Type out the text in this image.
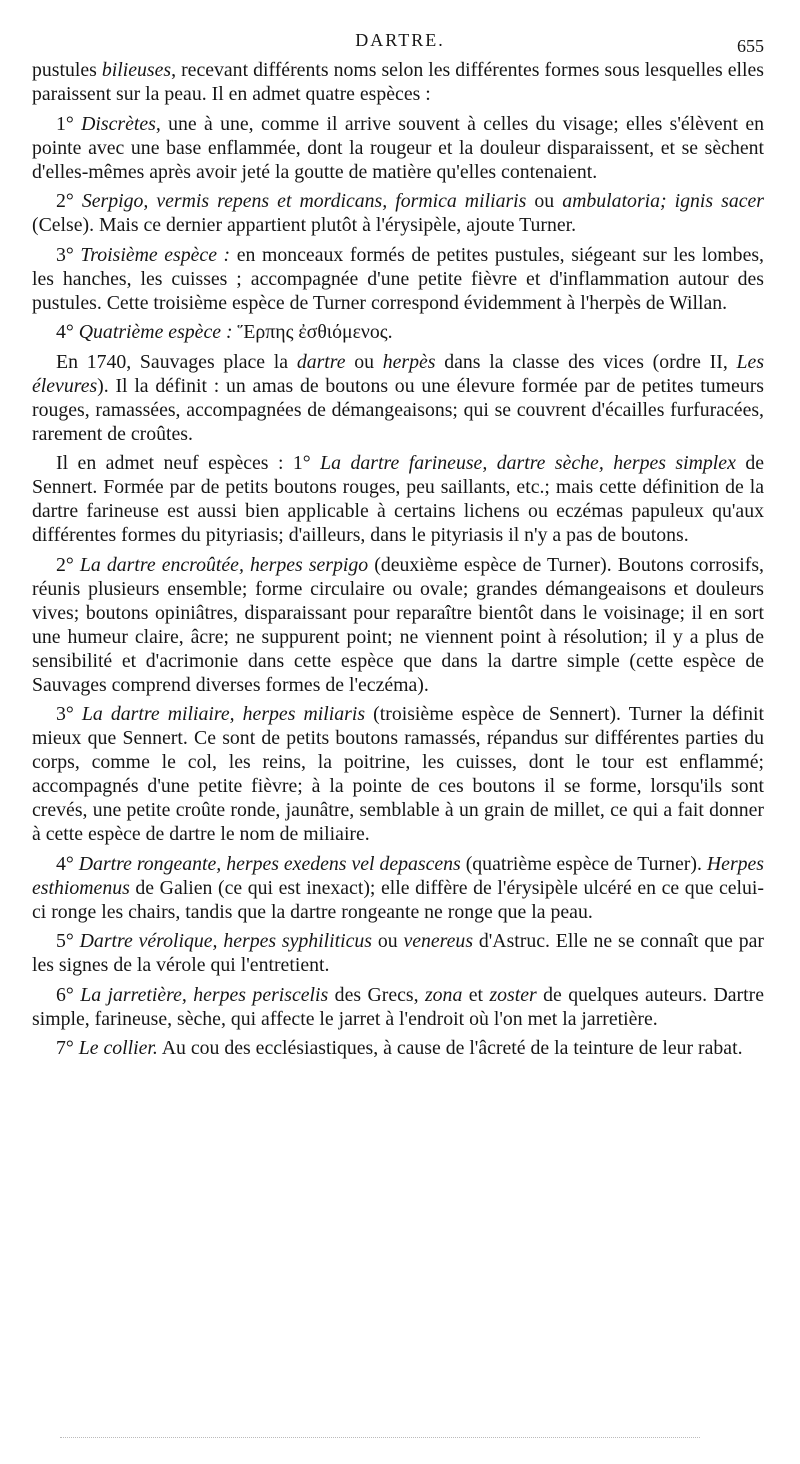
DARTRE.	655

pustules bilieuses, recevant différents noms selon les différentes formes sous lesquelles elles paraissent sur la peau. Il en admet quatre espèces :

1° Discrètes, une à une, comme il arrive souvent à celles du visage; elles s'élèvent en pointe avec une base enflammée, dont la rougeur et la douleur disparaissent, et se sèchent d'elles-mêmes après avoir jeté la goutte de matière qu'elles contenaient.

2° Serpigo, vermis repens et mordicans, formica miliaris ou ambulatoria; ignis sacer (Celse). Mais ce dernier appartient plutôt à l'érysipèle, ajoute Turner.

3° Troisième espèce : en monceaux formés de petites pustules, siégeant sur les lombes, les hanches, les cuisses ; accompagnée d'une petite fièvre et d'inflammation autour des pustules. Cette troisième espèce de Turner correspond évidemment à l'herpès de Willan.

4° Quatrième espèce : Ἕρπης ἐσθιόμενος.

En 1740, Sauvages place la dartre ou herpès dans la classe des vices (ordre II, Les élevures). Il la définit : un amas de boutons ou une élevure formée par de petites tumeurs rouges, ramassées, accompagnées de démangeaisons; qui se couvrent d'écailles furfuracées, rarement de croûtes.

Il en admet neuf espèces : 1° La dartre farineuse, dartre sèche, herpes simplex de Sennert. Formée par de petits boutons rouges, peu saillants, etc.; mais cette définition de la dartre farineuse est aussi bien applicable à certains lichens ou eczémas papuleux qu'aux différentes formes du pityriasis; d'ailleurs, dans le pityriasis il n'y a pas de boutons.

2° La dartre encroûtée, herpes serpigo (deuxième espèce de Turner). Boutons corrosifs, réunis plusieurs ensemble; forme circulaire ou ovale; grandes démangeaisons et douleurs vives; boutons opiniâtres, disparaissant pour reparaître bientôt dans le voisinage; il en sort une humeur claire, âcre; ne suppurent point; ne viennent point à résolution; il y a plus de sensibilité et d'acrimonie dans cette espèce que dans la dartre simple (cette espèce de Sauvages comprend diverses formes de l'eczéma).

3° La dartre miliaire, herpes miliaris (troisième espèce de Sennert). Turner la définit mieux que Sennert. Ce sont de petits boutons ramassés, répandus sur différentes parties du corps, comme le col, les reins, la poitrine, les cuisses, dont le tour est enflammé; accompagnés d'une petite fièvre; à la pointe de ces boutons il se forme, lorsqu'ils sont crevés, une petite croûte ronde, jaunâtre, semblable à un grain de millet, ce qui a fait donner à cette espèce de dartre le nom de miliaire.

4° Dartre rongeante, herpes exedens vel depascens (quatrième espèce de Turner). Herpes esthiomenus de Galien (ce qui est inexact); elle diffère de l'érysipèle ulcéré en ce que celui-ci ronge les chairs, tandis que la dartre rongeante ne ronge que la peau.

5° Dartre vérolique, herpes syphiliticus ou venereus d'Astruc. Elle ne se connaît que par les signes de la vérole qui l'entretient.

6° La jarretière, herpes periscelis des Grecs, zona et zoster de quelques auteurs. Dartre simple, farineuse, sèche, qui affecte le jarret à l'endroit où l'on met la jarretière.

7° Le collier. Au cou des ecclésiastiques, à cause de l'âcreté de la teinture de leur rabat.
